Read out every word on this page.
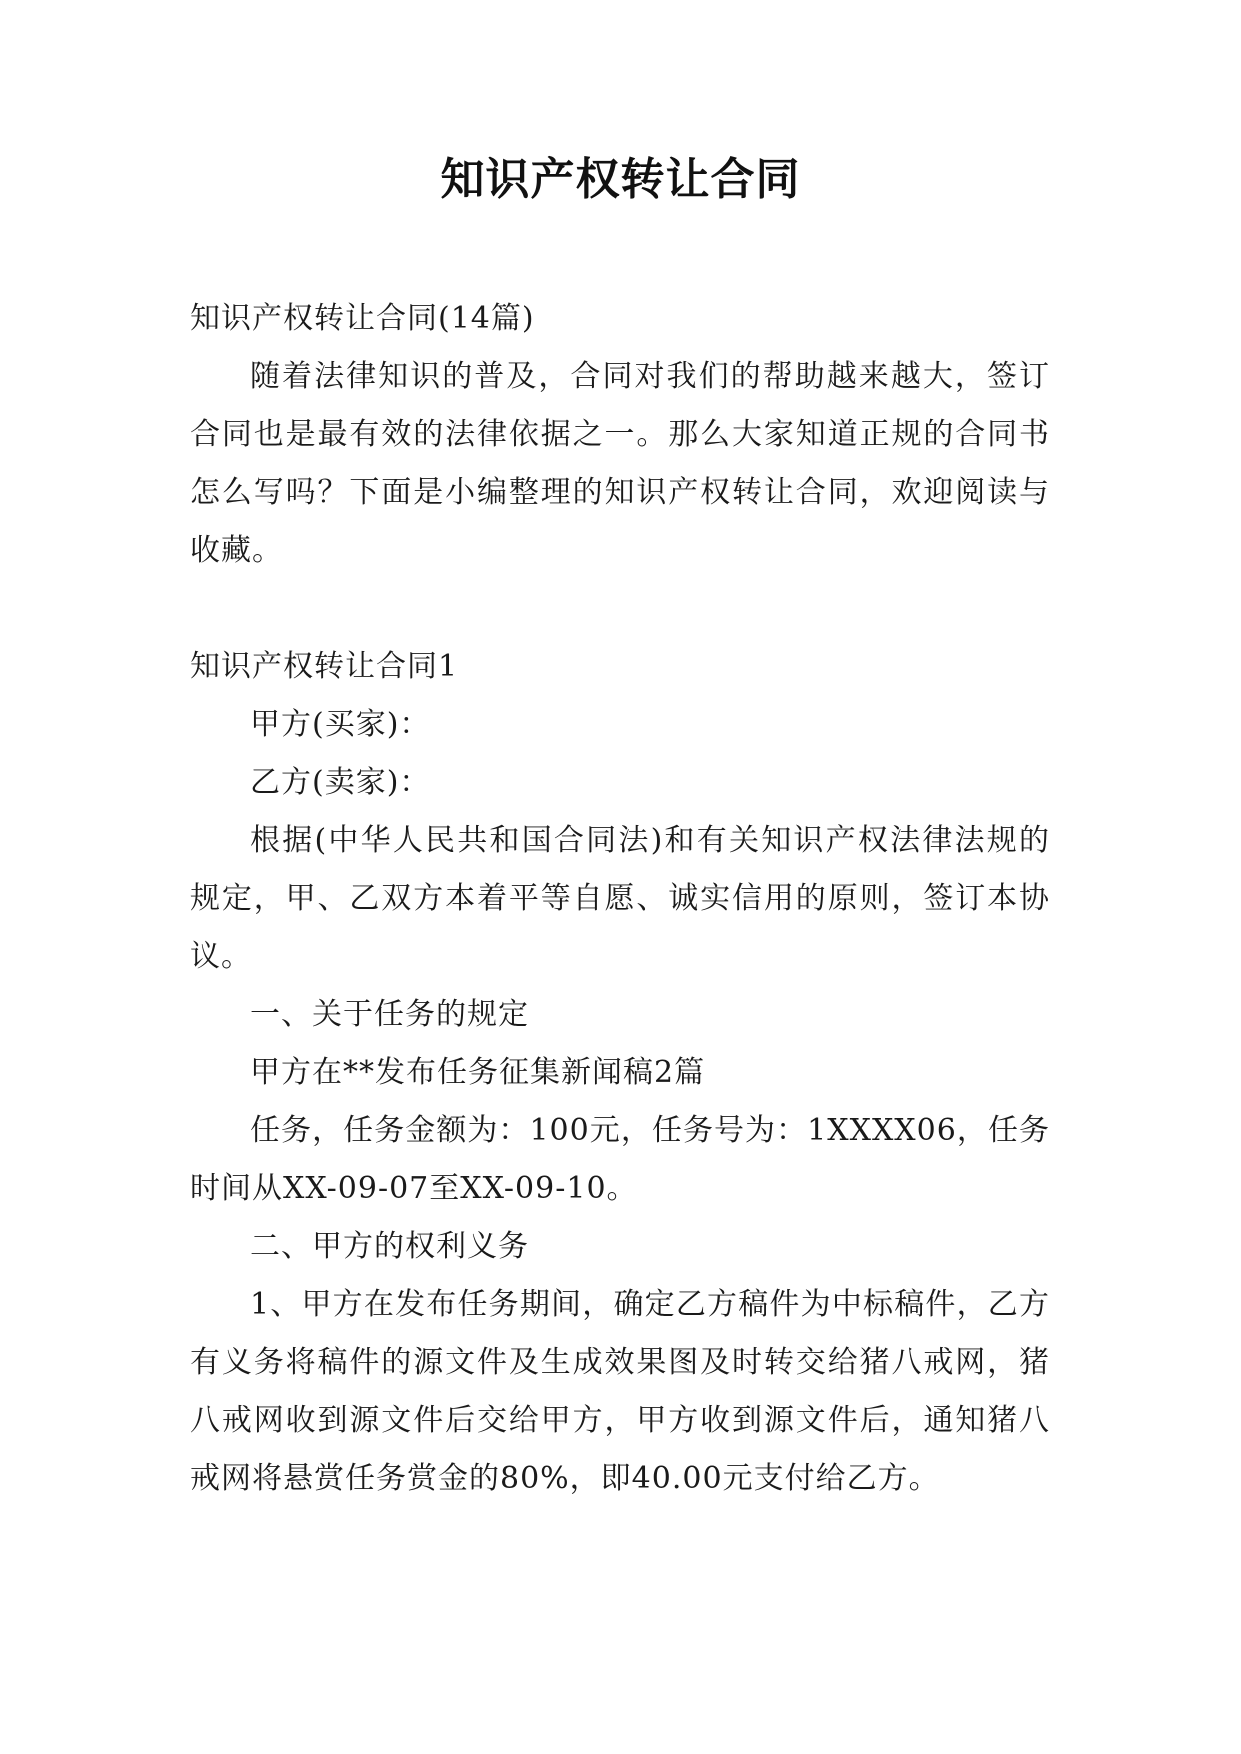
知识产权转让合同

知识产权转让合同(14篇)

随着法律知识的普及，合同对我们的帮助越来越大，签订合同也是最有效的法律依据之一。那么大家知道正规的合同书怎么写吗？下面是小编整理的知识产权转让合同，欢迎阅读与收藏。

知识产权转让合同1

甲方(买家)：

乙方(卖家)：

根据(中华人民共和国合同法)和有关知识产权法律法规的规定，甲、乙双方本着平等自愿、诚实信用的原则，签订本协议。

一、关于任务的规定

甲方在**发布任务征集新闻稿2篇

任务，任务金额为：100元，任务号为：1XXXX06，任务时间从XX-09-07至XX-09-10。

二、甲方的权利义务

1、甲方在发布任务期间，确定乙方稿件为中标稿件，乙方有义务将稿件的源文件及生成效果图及时转交给猪八戒网，猪八戒网收到源文件后交给甲方，甲方收到源文件后，通知猪八戒网将悬赏任务赏金的80%，即40.00元支付给乙方。
